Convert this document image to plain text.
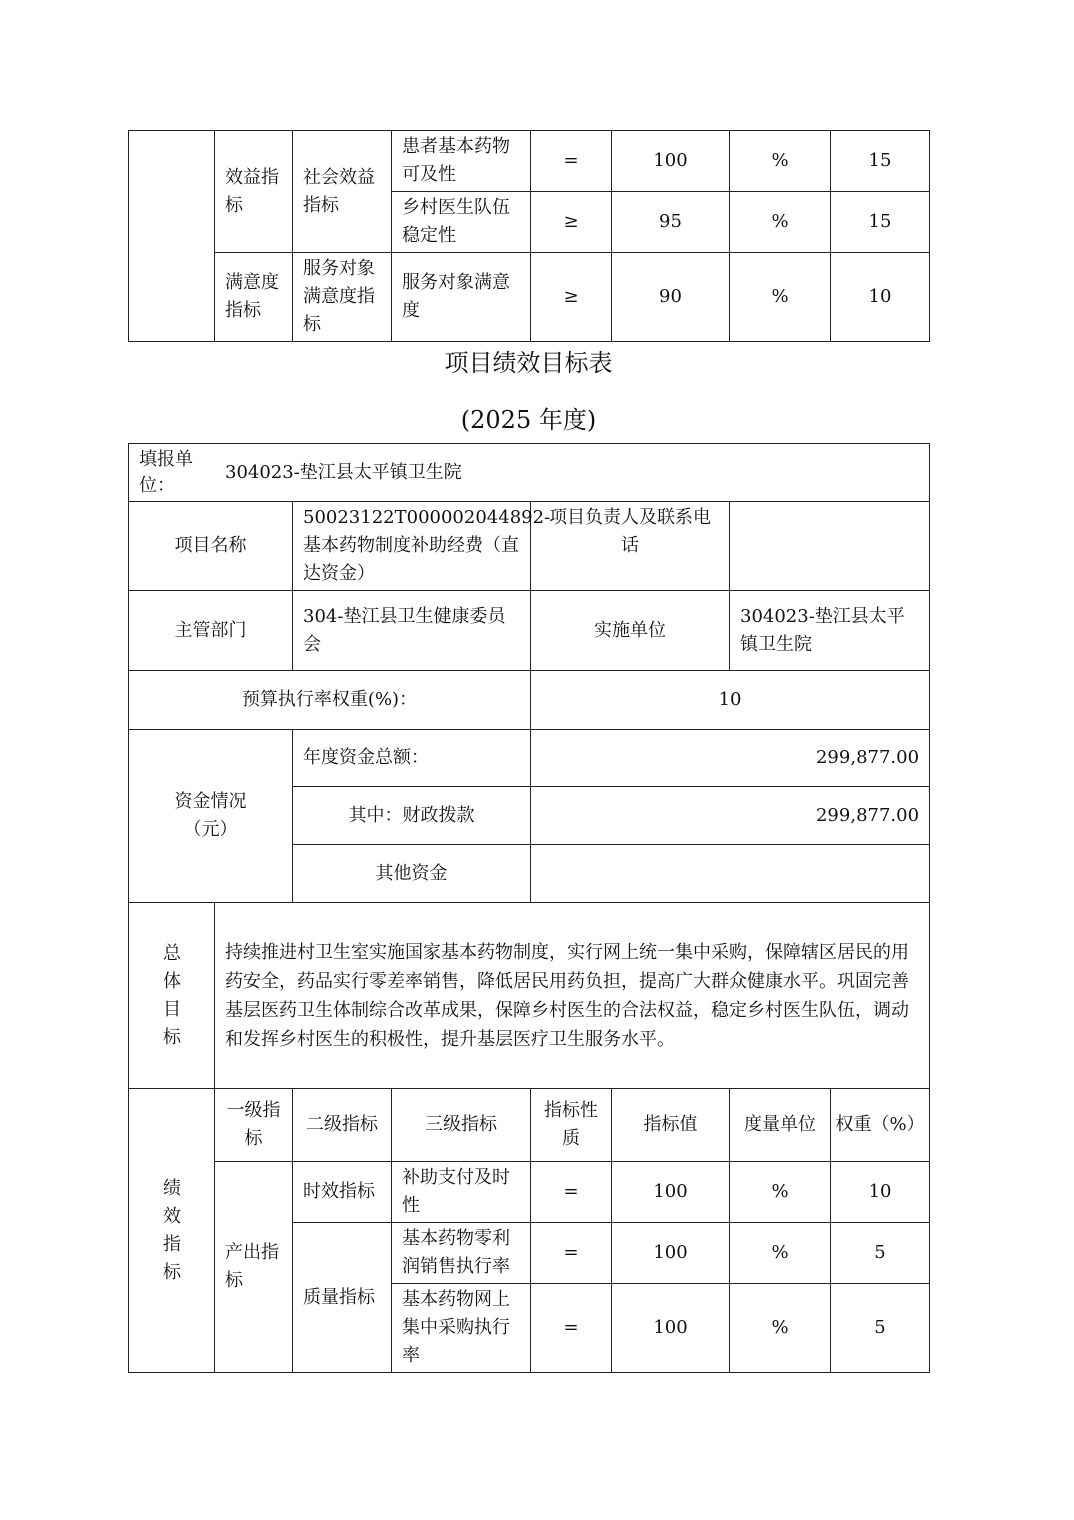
	效益指标	社会效益指标	患者基本药物可及性	=	100	%	15
			乡村医生队伍稳定性	≥	95	%	15
	满意度指标	服务对象满意度指标	服务对象满意度	≥	90	%	10
项目绩效目标表
(2025 年度)
填报单位：
304023-垫江县太平镇卫生院							

项目名称		50023122T000002044892-基本药物制度补助经费（直达资金）		项目负责人及联系电话			
主管部门		304-垫江县卫生健康委员会		实施单位		304023-垫江县太平镇卫生院	
预算执行率权重(%)：				10			
资金情况（元）		年度资金总额：		299,877.00			
		其中：财政拨款		299,877.00			
		其他资金					
总体目标	持续推进村卫生室实施国家基本药物制度，实行网上统一集中采购，保障辖区居民的用药安全，药品实行零差率销售，降低居民用药负担，提高广大群众健康水平。巩固完善基层医药卫生体制综合改革成果，保障乡村医生的合法权益，稳定乡村医生队伍，调动和发挥乡村医生的积极性，提升基层医疗卫生服务水平。						
绩效指标	一级指标	二级指标	三级指标	指标性质	指标值	度量单位	权重（%）
	产出指标	时效指标	补助支付及时性	=	100	%	10
		质量指标	基本药物零利润销售执行率	=	100	%	5
			基本药物网上集中采购执行率	=	100	%	5
